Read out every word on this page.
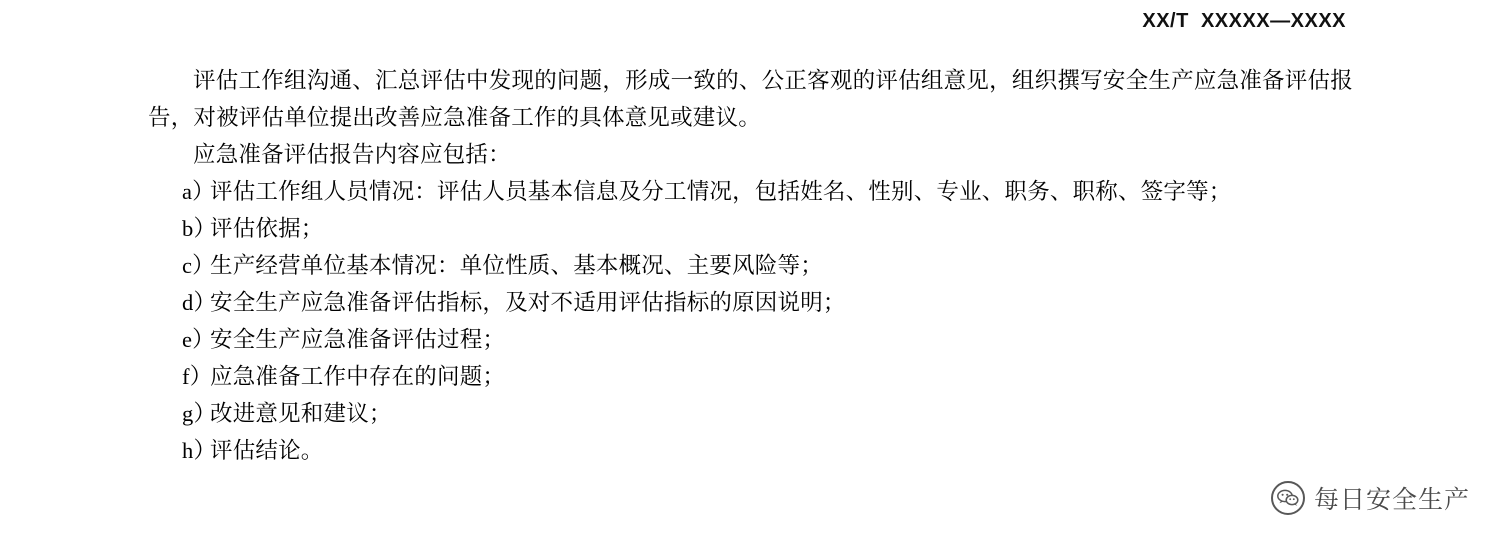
XX/T  XXXXX—XXXX

评估工作组沟通、汇总评估中发现的问题，形成一致的、公正客观的评估组意见，组织撰写安全生产应急准备评估报告，对被评估单位提出改善应急准备工作的具体意见或建议。

应急准备评估报告内容应包括：

a）
评估工作组人员情况：评估人员基本信息及分工情况，包括姓名、性别、专业、职务、职称、签字等；
b）
评估依据；
c）
生产经营单位基本情况：单位性质、基本概况、主要风险等；
d）
安全生产应急准备评估指标，及对不适用评估指标的原因说明；
e）
安全生产应急准备评估过程；
f）
应急准备工作中存在的问题；
g）
改进意见和建议；
h）
评估结论。
每日安全生产
